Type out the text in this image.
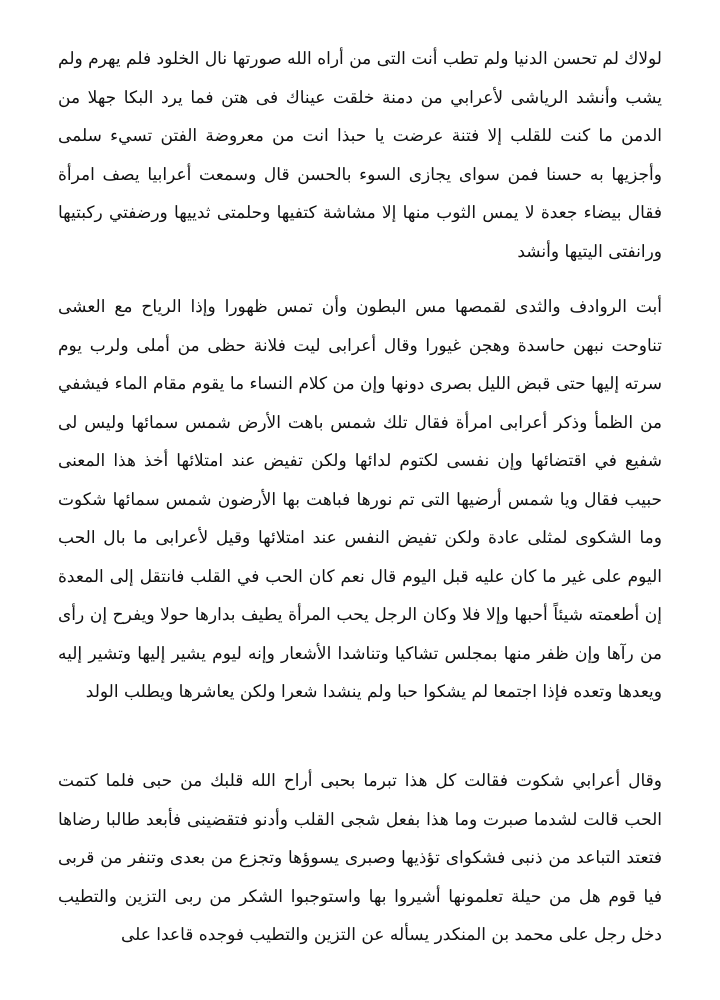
لولاك لم تحسن الدنيا ولم تطب أنت التى من أراه الله صورتها نال الخلود فلم يهرم ولم يشب وأنشد الرياشى لأعرابي من دمنة خلقت عيناك فى هتن فما يرد البكا جهلا من الدمن ما كنت للقلب إلا فتنة عرضت يا حبذا انت من معروضة الفتن تسيء سلمى وأجزيها به حسنا فمن سواى يجازى السوء بالحسن قال وسمعت أعرابيا يصف امرأة فقال بيضاء جعدة لا يمس الثوب منها إلا مشاشة كتفيها وحلمتى ثدييها ورضفتي ركبتيها ورانفتى اليتيها وأنشد

أبت الروادف والثدى لقمصها مس البطون وأن تمس ظهورا وإذا الرياح مع العشى تناوحت نبهن حاسدة وهجن غيورا وقال أعرابى ليت فلانة حظى من أملى ولرب يوم سرته إليها حتى قبض الليل بصرى دونها وإن من كلام النساء ما يقوم مقام الماء فيشفي من الظمأ وذكر أعرابى امرأة فقال تلك شمس باهت الأرض شمس سمائها وليس لى شفيع في اقتضائها وإن نفسى لكتوم لدائها ولكن تفيض عند امتلائها أخذ هذا المعنى حبيب فقال ويا شمس أرضيها التى تم نورها فباهت بها الأرضون شمس سمائها شكوت وما الشكوى لمثلى عادة ولكن تفيض النفس عند امتلائها وقيل لأعرابى ما بال الحب اليوم على غير ما كان عليه قبل اليوم قال نعم كان الحب في القلب فانتقل إلى المعدة إن أطعمته شيئاً أحبها وإلا فلا وكان الرجل يحب المرأة يطيف بدارها حولا ويفرح إن رأى من رآها وإن ظفر منها بمجلس تشاكيا وتناشدا الأشعار وإنه ليوم يشير إليها وتشير إليه ويعدها وتعده فإذا اجتمعا لم يشكوا حبا ولم ينشدا شعرا ولكن يعاشرها ويطلب الولد

وقال أعرابي شكوت فقالت كل هذا تبرما بحبى أراح الله قلبك من حبى فلما كتمت الحب قالت لشدما صبرت وما هذا بفعل شجى القلب وأدنو فتقضينى فأبعد طالبا رضاها فتعتد التباعد من ذنبى فشكواى تؤذيها وصبرى يسوؤها وتجزع من بعدى وتنفر من قربى فيا قوم هل من حيلة تعلمونها أشيروا بها واستوجبوا الشكر من ربى التزين والتطيب دخل رجل على محمد بن المنكدر يسأله عن التزين والتطيب فوجده قاعدا على
